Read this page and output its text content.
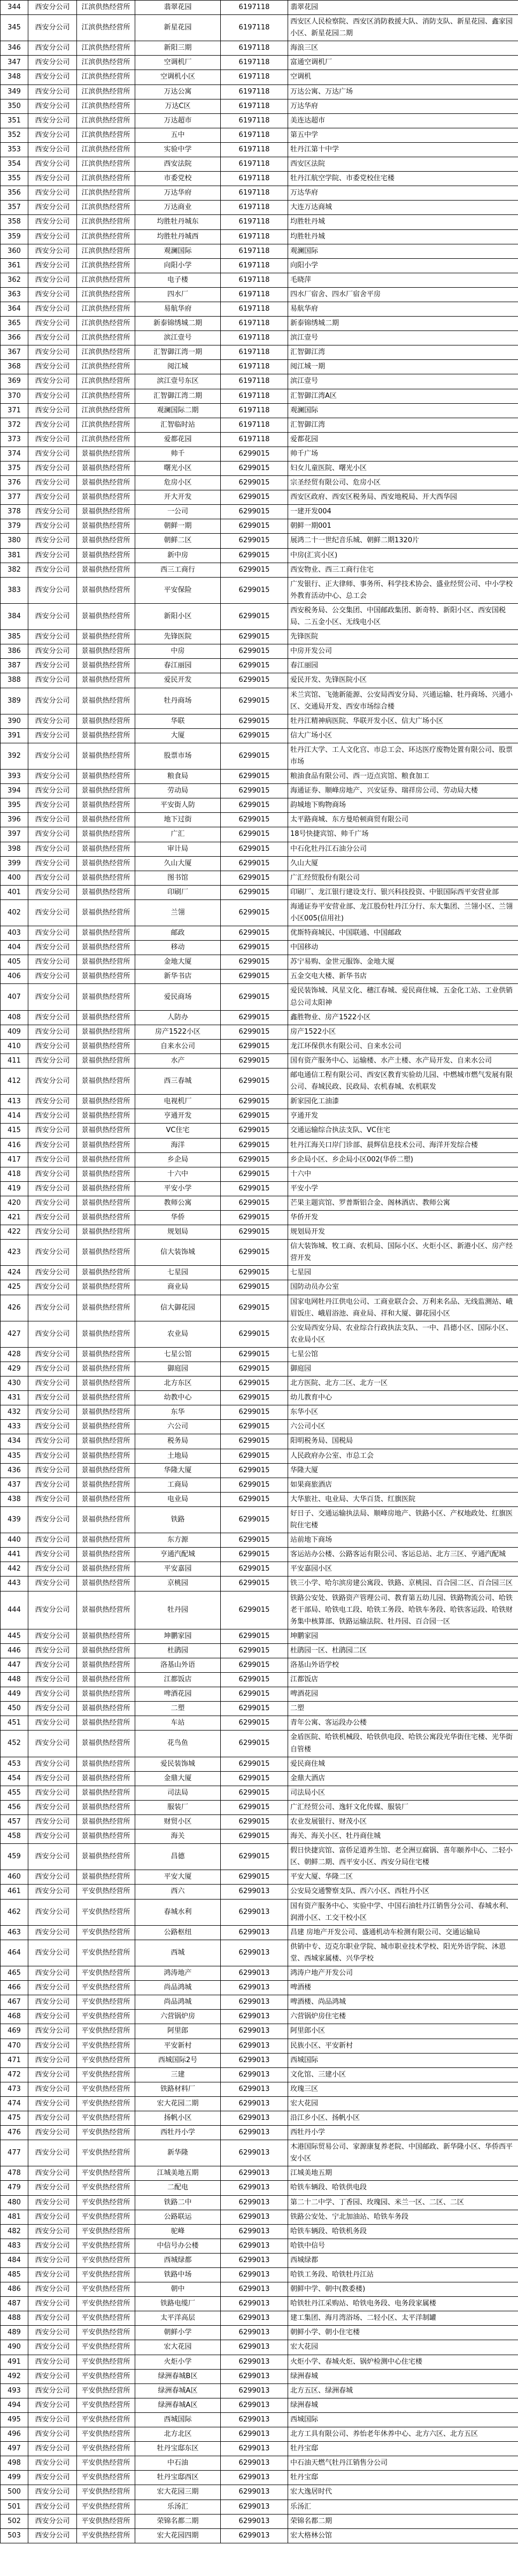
344	西安分公司	江滨供热经营所	翡翠花园	6197118	翡翠花园
345	西安分公司	江滨供热经营所	新星花园	6197118	西安区人民检察院、西安区消防救援大队、消防支队、新星花园、鑫家园小区、新星花园二期
346	西安分公司	江滨供热经营所	新阳三期	6197118	海浪三区
347	西安分公司	江滨供热经营所	空调机厂	6197118	富通空调机厂
348	西安分公司	江滨供热经营所	空调机小区	6197118	空调机
349	西安分公司	江滨供热经营所	万达公寓	6197118	万达公寓、万达广场
350	西安分公司	江滨供热经营所	万达C区	6197118	万达华府
351	西安分公司	江滨供热经营所	万达超市	6197118	美连达超市
352	西安分公司	江滨供热经营所	五中	6197118	第五中学
353	西安分公司	江滨供热经营所	实验中学	6197118	牡丹江第十中学
354	西安分公司	江滨供热经营所	西安法院	6197118	西安区法院
355	西安分公司	江滨供热经营所	市委党校	6197118	牡丹江航空学院、市委党校住宅楼
356	西安分公司	江滨供热经营所	万达华府	6197118	万达华府
357	西安分公司	江滨供热经营所	万达商业	6197118	大连万达商城
358	西安分公司	江滨供热经营所	均胜牡丹城东	6197118	均胜牡丹城
359	西安分公司	江滨供热经营所	均胜牡丹城西	6197118	均胜牡丹城
360	西安分公司	江滨供热经营所	观澜国际	6197118	观澜国际
361	西安分公司	江滨供热经营所	向阳小学	6197118	向阳小学
362	西安分公司	江滨供热经营所	电子楼	6197118	毛晓萍
363	西安分公司	江滨供热经营所	四水厂	6197118	四水厂宿舍、四水厂宿舍平房
364	西安分公司	江滨供热经营所	易航华府	6197118	易航华府
365	西安分公司	江滨供热经营所	新泰锦绣城二期	6197118	新泰锦绣城二期
366	西安分公司	江滨供热经营所	滨江壹号	6197118	滨江壹号
367	西安分公司	江滨供热经营所	汇智御江湾一期	6197118	汇智御江湾
368	西安分公司	江滨供热经营所	阅江城	6197118	阅江城一期
369	西安分公司	江滨供热经营所	滨江壹号东区	6197118	滨江壹号
370	西安分公司	江滨供热经营所	汇智御江湾二期	6197118	汇智御江湾A区
371	西安分公司	江滨供热经营所	观澜国际二期	6197118	观澜国际
372	西安分公司	江滨供热经营所	汇智临时站	6197118	汇智御江湾
373	西安分公司	江滨供热经营所	爱都花园	6197118	爱都花园
374	西安分公司	景福供热经营所	帅千	6299015	帅千广场
375	西安分公司	景福供热经营所	曙光小区	6299015	妇女儿童医院、曙光小区
376	西安分公司	景福供热经营所	危房小区	6299015	宗圣经贸有限公司、危房小区
377	西安分公司	景福供热经营所	开大开发	6299015	西安区政府、西安区税务局、西安地税局、开大西华园
378	西安分公司	景福供热经营所	一公司	6299015	一建开发004
379	西安分公司	景福供热经营所	朝鲜一期	6299015	朝鲜一期001
380	西安分公司	景福供热经营所	朝鲜二区	6299015	展鸿二十一世纪音乐城、朝鲜二期1320片
381	西安分公司	景福供热经营所	新中房	6299015	中房(汇宾小区)
382	西安分公司	景福供热经营所	西三工商行	6299015	西安物业、西三工商行住宅
383	西安分公司	景福供热经营所	平安保险	6299015	广发银行、正大律师、事务所、科学技术协会、盛业经贸公司、中小学校外教育活动中心、总工会
384	西安分公司	景福供热经营所	新阳小区	6299015	西安税务局、公交集团、中国邮政集团、新奇特、新阳小区、西安国税局、二五金小区、无线电小区
385	西安分公司	景福供热经营所	先锋医院	6299015	先锋医院
386	西安分公司	景福供热经营所	中房	6299015	中房开发公司
387	西安分公司	景福供热经营所	春江丽园	6299015	春江丽园
388	西安分公司	景福供热经营所	爱民开发	6299015	爱民开发、先锋医院小区
389	西安分公司	景福供热经营所	牡丹商场	6299015	米兰宾馆、飞弛新能源、公安局西安分局、兴通运输、牡丹商场、兴通小区、交通局开发、西安市场综合楼
390	西安分公司	景福供热经营所	华联	6299015	牡丹江精神病医院、华联开发小区、信大广场小区
391	西安分公司	景福供热经营所	大厦	6299015	信大广场小区
392	西安分公司	景福供热经营所	股票市场	6299015	牡丹江大学、工人文化宫、市总工会、环达医疗废物处置有限公司、股票市场
393	西安分公司	景福供热经营所	粮食局	6299015	粮油食品有限公司、西一迈点宾馆、粮食加工
394	西安分公司	景福供热经营所	劳动局	6299015	海通证券、顺峰房地产、兴安证券、瑞祥房公司、劳动局大楼
395	西安分公司	景福供热经营所	平安街人防	6299015	韵城地下购物商场
396	西安分公司	景福供热经营所	地下过街	6299015	太平路商城、东方曼哈顿商贸有限公司
397	西安分公司	景福供热经营所	广汇	6299015	18号快捷宾馆、帅千广场
398	西安分公司	景福供热经营所	审计局	6299015	中石化牡丹江石油分公司
399	西安分公司	景福供热经营所	久山大厦	6299015	久山大厦
400	西安分公司	景福供热经营所	图书馆	6299015	广汇经贸股份有限公司
401	西安分公司	景福供热经营所	印刷厂	6299015	印刷厂、龙江银行建设支行、银兴科技投资、中银国际西平安营业部
402	西安分公司	景福供热经营所	兰翎	6299015	海通证券平安营业部、龙江股份牡丹江分行、东大集团、兰翎小区、兰翎小区005(信用社)
403	西安分公司	景福供热经营所	邮政	6299015	优斯特商城民、中国联通、中国邮政
404	西安分公司	景福供热经营所	移动	6299015	中国移动
405	西安分公司	景福供热经营所	金地大厦	6299015	苏宁易购、金世元服饰、金地大厦
406	西安分公司	景福供热经营所	新华书店	6299015	五金交电大楼、新华书店
407	西安分公司	景福供热经营所	爱民商场	6299015	爱民装饰城、风星文化、穗江春城、爱民商住城、五金化工站、工业供销总公司太阳神
408	西安分公司	景福供热经营所	人防办	6299015	鑫胜物业、房产1522小区
409	西安分公司	景福供热经营所	房产1522小区	6299015	房产1522小区
410	西安分公司	景福供热经营所	自来水公司	6299015	龙江环保供水有限公司、自来水公司
411	西安分公司	景福供热经营所	水产	6299015	国有资产服务中心、运输楼、水产土楼、水产局开发、自来水公司
412	西安分公司	景福供热经营所	西三春城	6299015	邮电通信工程有限公司、西安区教育实验幼儿园、中燃城市燃气发展有限公司、春城民政、民政局、农机春城、农机联发
413	西安分公司	景福供热经营所	电视机厂	6299015	新家园化工油漆
414	西安分公司	景福供热经营所	亨通开发	6299015	亨通开发
415	西安分公司	景福供热经营所	VC住宅	6299015	交通运输综合执法支队、VC住宅
416	西安分公司	景福供热经营所	海洋	6299015	牡丹江海关口岸门诊部、晨辉信息技术公司、海洋开发综合楼
417	西安分公司	景福供热经营所	乡企局	6299015	乡企局小区、乡企局小区002(华侨二塑)
418	西安分公司	景福供热经营所	十六中	6299015	十六中
419	西安分公司	景福供热经营所	平安小学	6299015	平安小学
420	西安分公司	景福供热经营所	教师公寓	6299015	芒果主题宾馆、罗普斯铝合金、阁林酒店、教师公寓
421	西安分公司	景福供热经营所	华侨	6299015	华侨开发
422	西安分公司	景福供热经营所	规划局	6299015	规划局开发
423	西安分公司	景福供热经营所	信大装饰城	6299015	信大装饰城、牧工商、农机局、国际小区、火炬小区、新港小区、房产经营开发
424	西安分公司	景福供热经营所	七星园	6299015	七星园
425	西安分公司	景福供热经营所	商业局	6299015	国防动员办公室
426	西安分公司	景福供热经营所	信大御花园	6299015	国家电网牡丹江供电公司、工商业联合会、万利来名品、无线监测站、峨眉饭庄、峨眉浴池、商业局、祥和大厦、御花园小区
427	西安分公司	景福供热经营所	农业局	6299015	公安局西安分局、农业综合行政执法支队、一中、昌德小区、国际小区、农业局小区
428	西安分公司	景福供热经营所	七星公馆	6299015	七星公馆
429	西安分公司	景福供热经营所	御庭园	6299015	御庭园
430	西安分公司	景福供热经营所	北方东区	6299015	北方医院、北方二区、北方一区
431	西安分公司	景福供热经营所	幼教中心	6299015	幼儿教育中心
432	西安分公司	景福供热经营所	东华	6299015	东华小区
433	西安分公司	景福供热经营所	六公司	6299015	六公司小区
434	西安分公司	景福供热经营所	税务局	6299015	阳明税务局、国税局
435	西安分公司	景福供热经营所	土地局	6299015	人民政府办公室、市总工会
436	西安分公司	景福供热经营所	华隆大厦	6299015	华隆大厦
437	西安分公司	景福供热经营所	工商局	6299015	如果商旅酒店
438	西安分公司	景福供热经营所	电业局	6299015	大华旅社、电业局、大华百货、红旗医院
439	西安分公司	景福供热经营所	铁路	6299015	好日子、交通运输执法局、顺峰房地产、铁路小区、产权地政处、红旗医院住宅楼
440	西安分公司	景福供热经营所	东方源	6299015	站前地下商场
441	西安分公司	景福供热经营所	亨通汽配城	6299015	客运站办公楼、公路客运有限公司、客运总站、北方三区、亨通汽配城
442	西安分公司	景福供热经营所	平安嘉园	6299015	平安嘉园小区
443	西安分公司	景福供热经营所	京桃园	6299015	铁三小学、哈尔滨房建公寓段、铁路、京桃园、百合园二区、百合园三区
444	西安分公司	景福供热经营所	牡丹园	6299015	铁路公安处、铁路资产管理公司、教育第五幼儿园、铁路物流公司、哈铁老干部局、哈铁电工段、哈铁工务段、哈铁车务段、哈铁客运段、哈铁财务集中核算部、铁路运输法院、牡丹园、百合园一区
445	西安分公司	景福供热经营所	坤鹏家园	6299015	坤鹏家园
446	西安分公司	景福供热经营所	杜鹃园	6299015	杜鹃园一区、杜鹃园二区
447	西安分公司	景福供热经营所	洛基山外语	6299015	洛基山外语学校
448	西安分公司	景福供热经营所	江都饭店	6299015	江都饭店
449	西安分公司	景福供热经营所	啤酒花园	6299015	啤酒花园
450	西安分公司	景福供热经营所	二塑	6299015	二塑
451	西安分公司	景福供热经营所	车站	6299015	青年公寓、客运段办公楼
452	西安分公司	景福供热经营所	花鸟鱼	6299015	金盾医院、哈铁机械段、哈铁供电段、哈铁公寓段光华街住宅楼、光华街自管楼
453	西安分公司	景福供热经营所	爱民装饰城	6299015	爱民商住城
454	西安分公司	景福供热经营所	金鼎大厦	6299015	金鼎大酒店
455	西安分公司	景福供热经营所	司法局	6299015	司法局小区
456	西安分公司	景福供热经营所	服装厂	6299015	广汇经贸公司、逸轩文化传媒、服装厂
457	西安分公司	景福供热经营所	财贸小区	6299015	农业发展银行、财茂小区
458	西安分公司	景福供热经营所	海关	6299015	海关、海关小区、牡丹商住城
459	西安分公司	景福供热经营所	昌德	6299015	假日快捷宾馆、富侨足道养生馆、老全洲豆腐锅、喜年颐养中心、二轻小区、朝鲜二期、西平安小区、西安分局住宅楼
460	西安分公司	景福供热经营所	平安大厦	6299015	平安大厦、华隆二区
461	西安分公司	平安供热经营所	西六	6299013	公安局交通警察支队、西六小区、西牡丹小区
462	西安分公司	平安供热经营所	春城水利	6299013	国有资产服务中心、实验中学、中国石油牡丹江销售分公司、春城水利、润滑小区、工交干校小区
463	西安分公司	平安供热经营所	公路枢纽	6299013	昌建 房地产开发公司、盛通机动车检测有限公司、交通运输局
464	西安分公司	平安供热经营所	西城	6299013	供销中专、迈克尔职业学院、城市职业技术学校、阳光外语学院、沐恩堂、西城家属楼、兴华学校
465	西安分公司	平安供热经营所	鸿涛地产	6299013	鸿涛户地产开发公司
466	西安分公司	平安供热经营所	尚品鸿城	6299013	啤酒楼
467	西安分公司	平安供热经营所	尚品鸿城	6299013	啤酒楼、尚品鸿城
468	西安分公司	平安供热经营所	六营锅炉房	6299013	六营锅炉房住宅楼
469	西安分公司	平安供热经营所	阿里郎	6299013	阿里郎小区
470	西安分公司	平安供热经营所	平安新村	6299013	民族小区、平安新村
471	西安分公司	平安供热经营所	西城国际2号	6299013	西城国际
472	西安分公司	平安供热经营所	三建	6299013	文化馆、三建小区
473	西安分公司	平安供热经营所	铁路材料厂	6299013	玫瑰三区
474	西安分公司	平安供热经营所	宏大花园二期	6299013	宏大花园
475	西安分公司	平安供热经营所	扬帆小区	6299013	沿江乡小区、扬帆小区
476	西安分公司	平安供热经营所	西牡丹小学	6299013	西牡丹小学
477	西安分公司	平安供热经营所	新华隆	6299013	木港国际贸易公司、家源康复养老院、中国邮政、新华隆小区、华侨西平安小区
478	西安分公司	平安供热经营所	江城美地五期	6299013	江城美地五期
479	西安分公司	平安供热经营所	二配电	6299013	哈铁车辆段、哈铁供电段
480	西安分公司	平安供热经营所	铁路二中	6299013	第二十二中学、丁香园、玫瑰园、米兰一区、二区、二区
481	西安分公司	平安供热经营所	公路联运	6299013	铁路公安处、宁北加油站、哈铁车务段
482	西安分公司	平安供热经营所	驼峰	6299013	哈铁车辆段、哈铁机务段
483	西安分公司	平安供热经营所	中信号办公楼	6299013	哈铁中信号
484	西安分公司	平安供热经营所	西城绿都	6299013	西城绿都
485	西安分公司	平安供热经营所	铁路中场	6299013	哈铁工务段、哈铁牡丹江站
486	西安分公司	平安供热经营所	朝中	6299013	朝鲜中学、朝中(教委楼)
487	西安分公司	平安供热经营所	铁路电缆厂	6299013	哈铁牡丹江采购站、哈铁电务段、电务段家属楼
488	西安分公司	平安供热经营所	太平洋高层	6299013	建工集团、海月湾浴场、二轻小区、太平洋制罐
489	西安分公司	平安供热经营所	朝鲜小学	6299013	朝鲜小学、朝小住宅楼
490	西安分公司	平安供热经营所	宏大花园	6299013	宏大花园
491	西安分公司	平安供热经营所	火炬小学	6299013	火炬小学、春城火炬、锅炉检测中心住宅楼
492	西安分公司	平安供热经营所	绿洲春城B区	6299013	绿洲春城
493	西安分公司	平安供热经营所	绿洲春城A区	6299013	北方五区、绿洲春城
494	西安分公司	平安供热经营所	绿洲春城A区	6299013	绿洲春城
495	西安分公司	平安供热经营所	西城国际	6299013	西城国际
496	西安分公司	平安供热经营所	北方北区	6299013	北方工具有限公司、养怡老年休养中心、北方六区、北方五区
497	西安分公司	平安供热经营所	牡丹宝邸东区	6299013	牡丹宝邸
498	西安分公司	平安供热经营所	中石油	6299013	中石油天燃气牡丹江销售分公司
499	西安分公司	平安供热经营所	牡丹宝邸西区	6299013	牡丹宝邸
500	西安分公司	平安供热经营所	宏大花园三期	6299013	宏大逸居时代
501	西安分公司	平安供热经营所	乐汤汇	6299013	乐汤汇
502	西安分公司	平安供热经营所	荣锦名都二期	6299013	荣锦名都二期
503	西安分公司	平安供热经营所	宏大花园四期	6299013	宏大格林公馆
